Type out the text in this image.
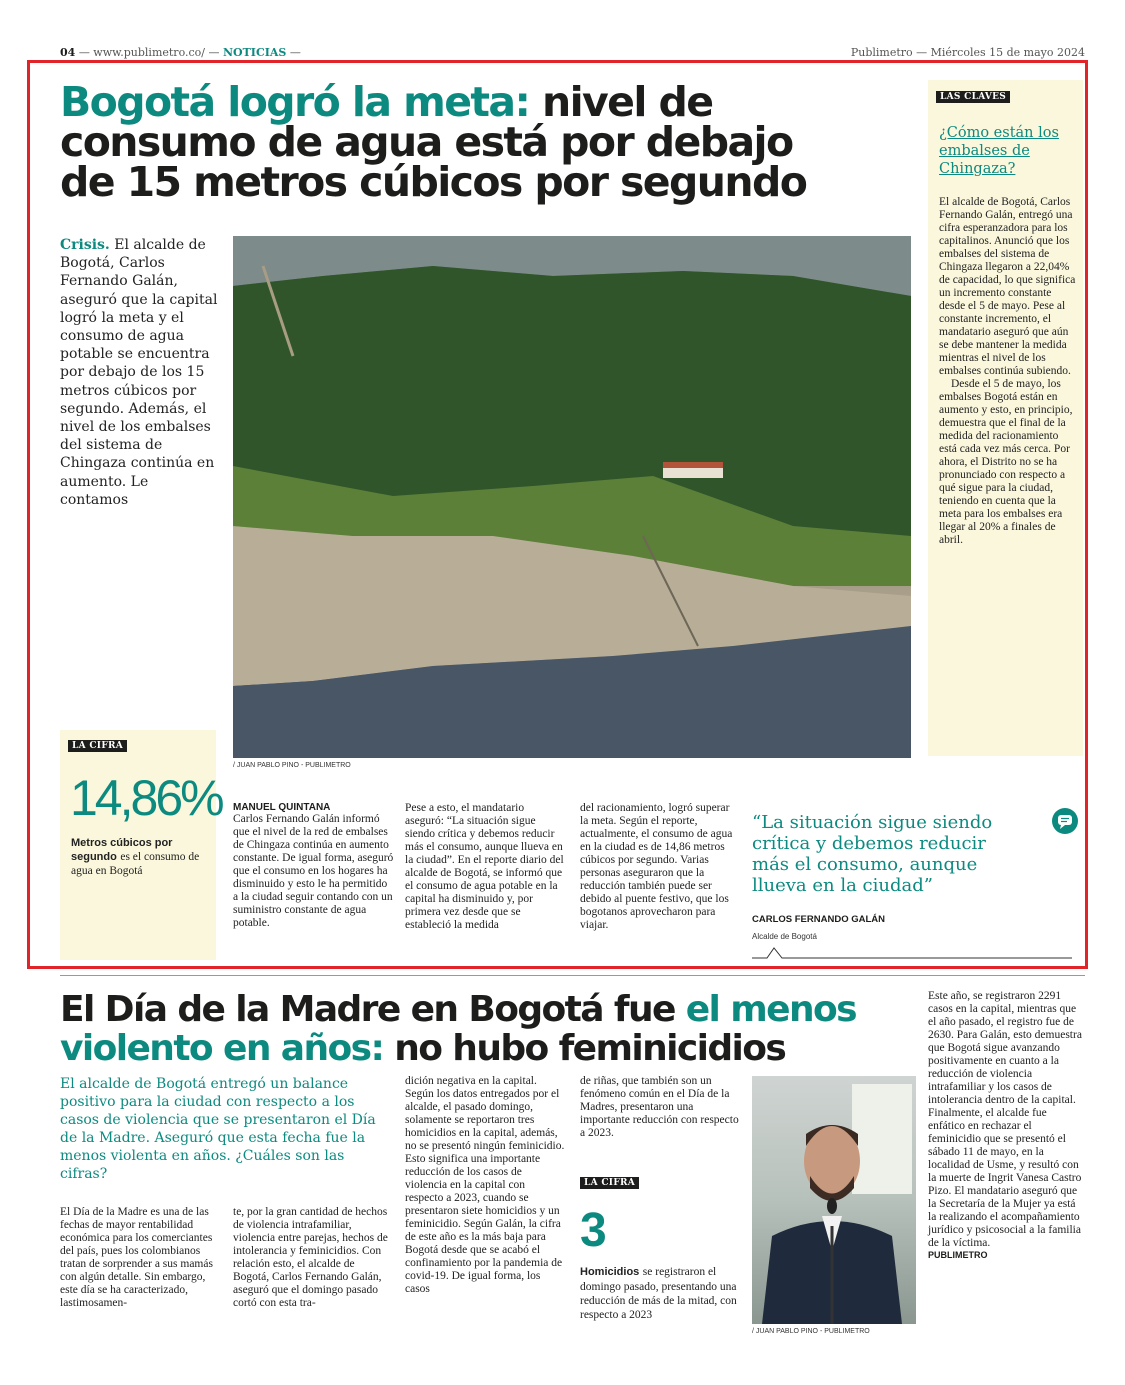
04 — www.publimetro.co/ — NOTICIAS —	Publimetro — Miércoles 15 de mayo 2024
Bogotá logró la meta: nivel de
consumo de agua está por debajo
de 15 metros cúbicos por segundo
Crisis. El alcalde de Bogotá, Carlos Fernando Galán, aseguró que la capital logró la meta y el consumo de agua potable se encuentra por debajo de los 15 metros cúbicos por segundo. Además, el nivel de los embalses del sistema de Chingaza continúa en aumento. Le contamos
/ JUAN PABLO PINO - PUBLIMETRO
LA CIFRA
14,86%
Metros cúbicos por segundo es el consumo de agua en Bogotá
MANUEL QUINTANA
Carlos Fernando Galán informó que el nivel de la red de embalses de Chingaza continúa en aumento constante. De igual forma, aseguró que el consumo en los hogares ha disminuido y esto le ha permitido a la ciudad seguir contando con un suministro constante de agua potable.
Pese a esto, el mandatario aseguró: “La situación sigue siendo crítica y debemos reducir más el consumo, aunque llueva en la ciudad”. En el reporte diario del alcalde de Bogotá, se informó que el consumo de agua potable en la capital ha disminuido y, por primera vez desde que se estableció la medida
del racionamiento, logró superar la meta. Según el reporte, actualmente, el consumo de agua en la ciudad es de 14,86 metros cúbicos por segundo. Varias personas aseguraron que la reducción también puede ser debido al puente festivo, que los bogotanos aprovecharon para viajar.
“La situación sigue siendo crítica y debemos reducir más el consumo, aunque llueva en la ciudad”
CARLOS FERNANDO GALÁN
Alcalde de Bogotá
LAS CLAVES
¿Cómo están los embalses de Chingaza?
El alcalde de Bogotá, Carlos Fernando Galán, entregó una cifra esperanzadora para los capitalinos. Anunció que los embalses del sistema de Chingaza llegaron a 22,04% de capacidad, lo que significa un incremento constante desde el 5 de mayo. Pese al constante incremento, el mandatario aseguró que aún se debe mantener la medida mientras el nivel de los embalses continúa subiendo.
Desde el 5 de mayo, los embalses Bogotá están en aumento y esto, en principio, demuestra que el final de la medida del racionamiento está cada vez más cerca. Por ahora, el Distrito no se ha pronunciado con respecto a qué sigue para la ciudad, teniendo en cuenta que la meta para los embalses era llegar al 20% a finales de abril.
El Día de la Madre en Bogotá fue el menos
violento en años: no hubo feminicidios
El alcalde de Bogotá entregó un balance positivo para la ciudad con respecto a los casos de violencia que se presentaron el Día de la Madre. Aseguró que esta fecha fue la menos violenta en años. ¿Cuáles son las cifras?
El Día de la Madre es una de las fechas de mayor rentabilidad económica para los comerciantes del país, pues los colombianos tratan de sorprender a sus mamás con algún detalle. Sin embargo, este día se ha caracterizado, lastimosamen-
te, por la gran cantidad de hechos de violencia intrafamiliar, violencia entre parejas, hechos de intolerancia y feminicidios. Con relación esto, el alcalde de Bogotá, Carlos Fernando Galán, aseguró que el domingo pasado cortó con esta tra-
dición negativa en la capital. Según los datos entregados por el alcalde, el pasado domingo, solamente se reportaron tres homicidios en la capital, además, no se presentó ningún feminicidio. Esto significa una importante reducción de los casos de violencia en la capital con respecto a 2023, cuando se presentaron siete homicidios y un feminicidio. Según Galán, la cifra de este año es la más baja para Bogotá desde que se acabó el confinamiento por la pandemia de covid-19. De igual forma, los casos
de riñas, que también son un fenómeno común en el Día de la Madres, presentaron una importante reducción con respecto a 2023.
LA CIFRA
3
Homicidios se registraron el domingo pasado, presentando una reducción de más de la mitad, con respecto a 2023
/ JUAN PABLO PINO - PUBLIMETRO
Este año, se registraron 2291 casos en la capital, mientras que el año pasado, el registro fue de 2630. Para Galán, esto demuestra que Bogotá sigue avanzando positivamente en cuanto a la reducción de violencia intrafamiliar y los casos de intolerancia dentro de la capital. Finalmente, el alcalde fue enfático en rechazar el feminicidio que se presentó el sábado 11 de mayo, en la localidad de Usme, y resultó con la muerte de Ingrit Vanesa Castro Pizo. El mandatario aseguró que la Secretaría de la Mujer ya está la realizando el acompañamiento jurídico y psicosocial a la familia de la víctima.
PUBLIMETRO
